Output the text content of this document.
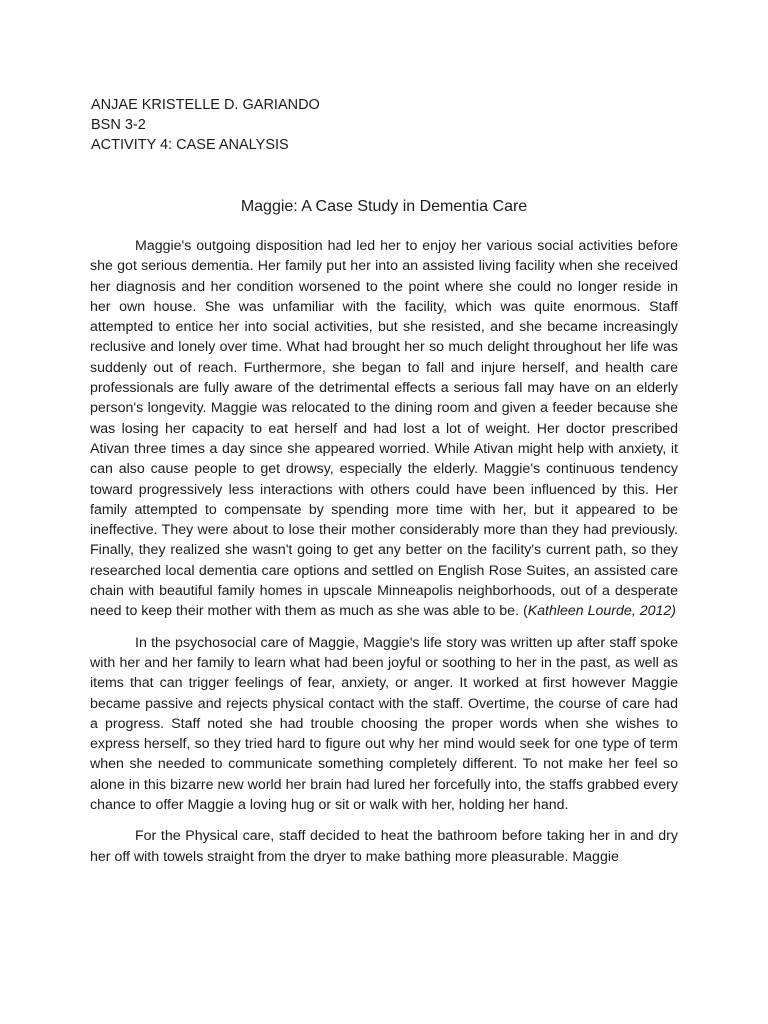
ANJAE KRISTELLE D. GARIANDO
BSN 3-2
ACTIVITY 4: CASE ANALYSIS
Maggie: A Case Study in Dementia Care

Maggie's outgoing disposition had led her to enjoy her various social activities before she got serious dementia. Her family put her into an assisted living facility when she received her diagnosis and her condition worsened to the point where she could no longer reside in her own house. She was unfamiliar with the facility, which was quite enormous. Staff attempted to entice her into social activities, but she resisted, and she became increasingly reclusive and lonely over time. What had brought her so much delight throughout her life was suddenly out of reach. Furthermore, she began to fall and injure herself, and health care professionals are fully aware of the detrimental effects a serious fall may have on an elderly person's longevity. Maggie was relocated to the dining room and given a feeder because she was losing her capacity to eat herself and had lost a lot of weight. Her doctor prescribed Ativan three times a day since she appeared worried. While Ativan might help with anxiety, it can also cause people to get drowsy, especially the elderly. Maggie's continuous tendency toward progressively less interactions with others could have been influenced by this. Her family attempted to compensate by spending more time with her, but it appeared to be ineffective. They were about to lose their mother considerably more than they had previously. Finally, they realized she wasn't going to get any better on the facility's current path, so they researched local dementia care options and settled on English Rose Suites, an assisted care chain with beautiful family homes in upscale Minneapolis neighborhoods, out of a desperate need to keep their mother with them as much as she was able to be. (Kathleen Lourde, 2012)

In the psychosocial care of Maggie, Maggie's life story was written up after staff spoke with her and her family to learn what had been joyful or soothing to her in the past, as well as items that can trigger feelings of fear, anxiety, or anger. It worked at first however Maggie became passive and rejects physical contact with the staff. Overtime, the course of care had a progress. Staff noted she had trouble choosing the proper words when she wishes to express herself, so they tried hard to figure out why her mind would seek for one type of term when she needed to communicate something completely different. To not make her feel so alone in this bizarre new world her brain had lured her forcefully into, the staffs grabbed every chance to offer Maggie a loving hug or sit or walk with her, holding her hand.

For the Physical care, staff decided to heat the bathroom before taking her in and dry her off with towels straight from the dryer to make bathing more pleasurable. Maggie
